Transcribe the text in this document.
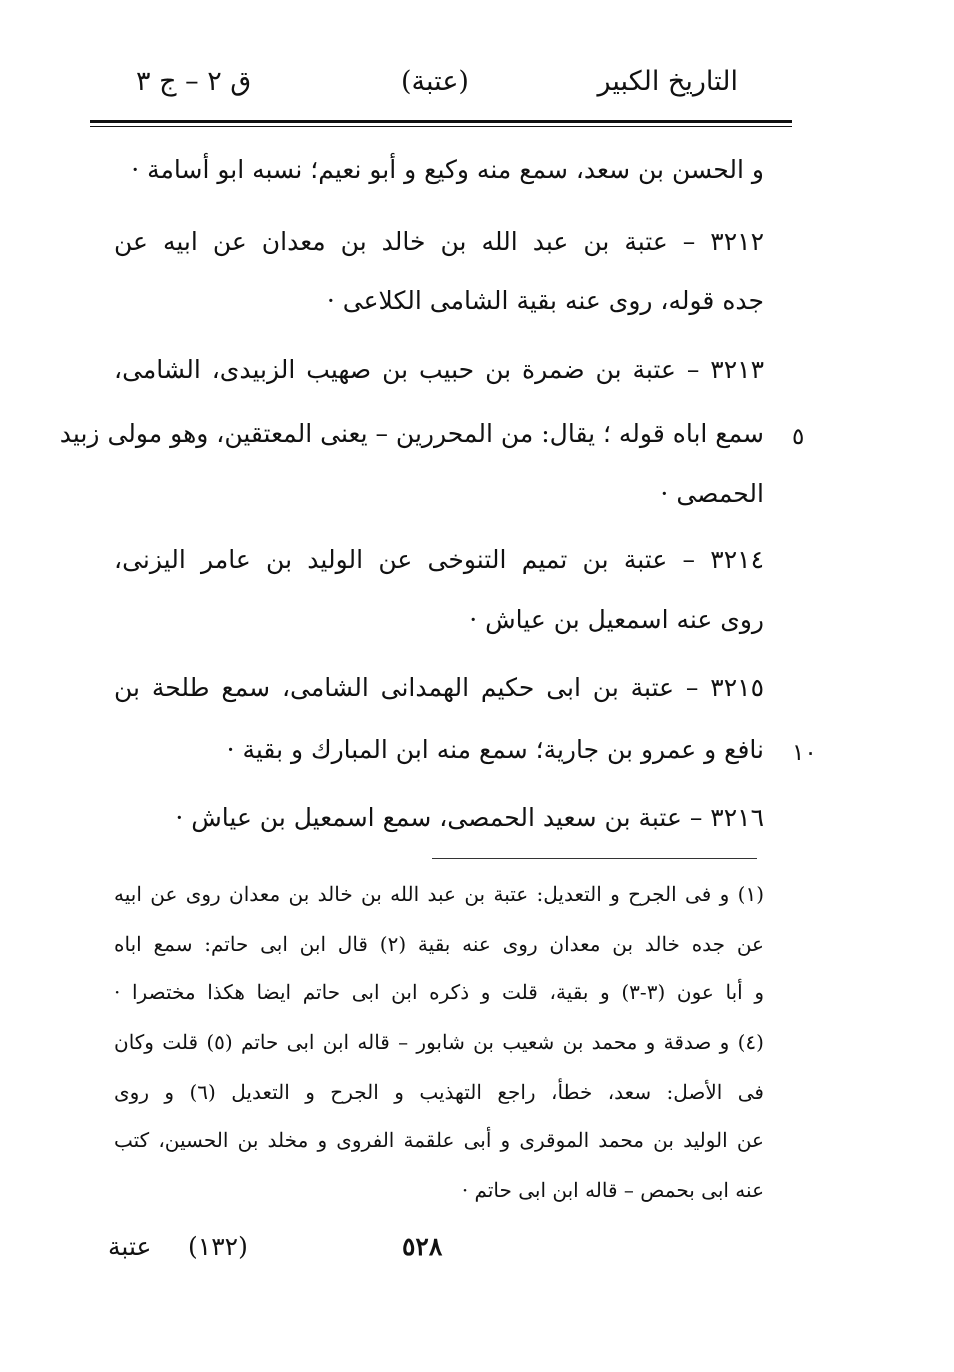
التاريخ الكبير
(عتبة)
ق ٢ – ج ٣
و الحسن بن سعد، سمع منه وكيع و أبو نعيم؛ نسبه ابو أسامة ·
٣٢١٢ – عتبة بن عبد الله بن خالد بن معدان عن ابيه عن
جده قوله، روى عنه بقية الشامى الكلاعى ·
٣٢١٣ – عتبة بن ضمرة بن حبيب بن صهيب الزبيدى، الشامى،
سمع اباه قوله ؛ يقال: من المحررين – يعنى المعتقين، وهو مولى زبيد ٥
الحمصى ·
٣٢١٤ – عتبة بن تميم التنوخى عن الوليد بن عامر اليزنى،
روى عنه اسمعيل بن عياش ·
٣٢١٥ – عتبة بن ابى حكيم الهمدانى الشامى، سمع طلحة بن
نافع و عمرو بن جارية؛ سمع منه ابن المبارك و بقية · ١٠
٣٢١٦ – عتبة بن سعيد الحمصى، سمع اسمعيل بن عياش ·
(١) و فى الجرح و التعديل: عتبة بن عبد الله بن خالد بن معدان روى عن ابيه
عن جده خالد بن معدان روى عنه بقية (٢) قال ابن ابى حاتم: سمع اباه
و أبا عون (٣-٣) و بقية، قلت و ذكره ابن ابى حاتم ايضا هكذا مختصرا ·
(٤) و صدقة و محمد بن شعيب بن شابور – قاله ابن ابى حاتم (٥) قلت وكان
فى الأصل: سعد، خطأ، راجع التهذيب و الجرح و التعديل (٦) و روى
عن الوليد بن محمد الموقرى و أبى علقمة الفروى و مخلد بن الحسين، كتب
عنه ابى بحمص – قاله ابن ابى حاتم ·
٥٢٨
(١٣٢)
عتبة
